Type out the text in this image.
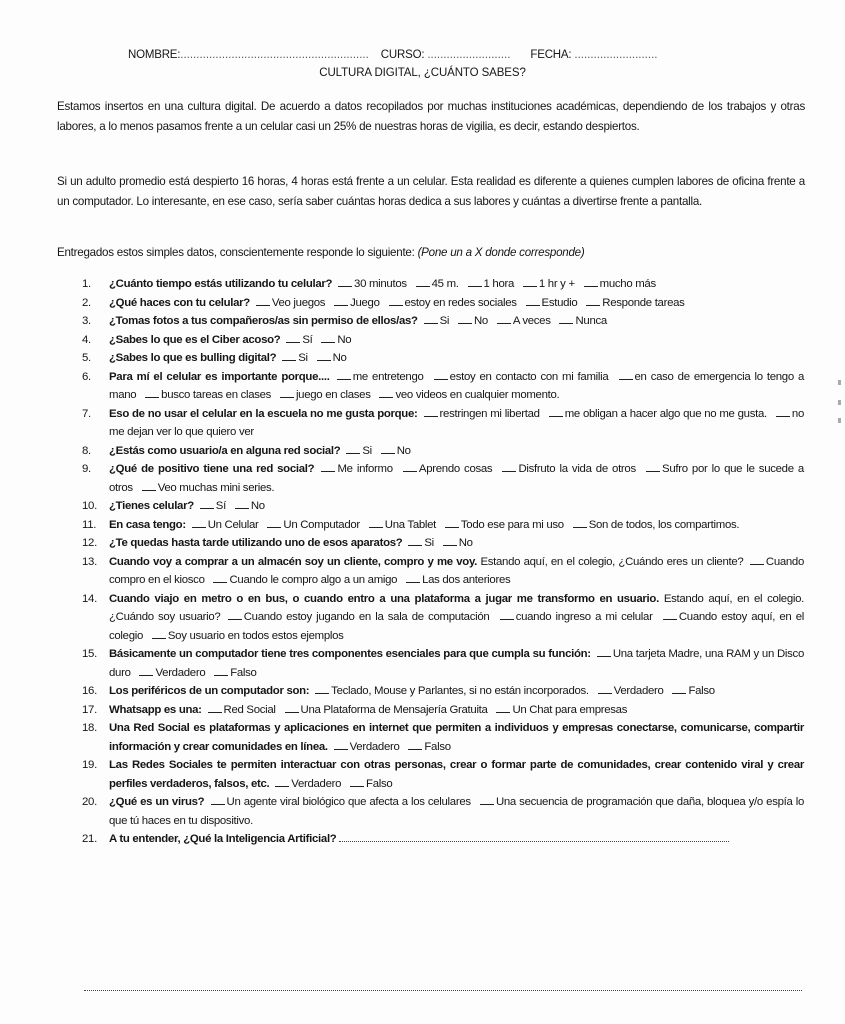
NOMBRE:........................................................... CURSO: .......................... FECHA: ..........................
CULTURA DIGITAL, ¿CUÁNTO SABES?

Estamos insertos en una cultura digital. De acuerdo a datos recopilados por muchas instituciones académicas, dependiendo de los trabajos y otras labores, a lo menos pasamos frente a un celular casi un 25% de nuestras horas de vigilia, es decir, estando despiertos.

Si un adulto promedio está despierto 16 horas, 4 horas está frente a un celular. Esta realidad es diferente a quienes cumplen labores de oficina frente a un computador. Lo interesante, en ese caso, sería saber cuántas horas dedica a sus labores y cuántas a divertirse frente a pantalla.

Entregados estos simples datos, conscientemente responde lo siguiente: (Pone un a X donde corresponde)

1. ¿Cuánto tiempo estás utilizando tu celular? 30 minutos 45 m. 1 hora 1 hr y + mucho más
2. ¿Qué haces con tu celular? Veo juegos Juego estoy en redes sociales Estudio Responde tareas
3. ¿Tomas fotos a tus compañeros/as sin permiso de ellos/as? Si No A veces Nunca
4. ¿Sabes lo que es el Ciber acoso? Sí No
5. ¿Sabes lo que es bulling digital? Si No
6. Para mí el celular es importante porque.... me entretengo estoy en contacto con mi familia en caso de emergencia lo tengo a mano busco tareas en clases juego en clases veo videos en cualquier momento.
7. Eso de no usar el celular en la escuela no me gusta porque: restringen mi libertad me obligan a hacer algo que no me gusta. no me dejan ver lo que quiero ver
8. ¿Estás como usuario/a en alguna red social? Si No
9. ¿Qué de positivo tiene una red social? Me informo Aprendo cosas Disfruto la vida de otros Sufro por lo que le sucede a otros Veo muchas mini series.
10. ¿Tienes celular? Sí No
11. En casa tengo: Un Celular Un Computador Una Tablet Todo ese para mi uso Son de todos, los compartimos.
12. ¿Te quedas hasta tarde utilizando uno de esos aparatos? Si No
13. Cuando voy a comprar a un almacén soy un cliente, compro y me voy. Estando aquí, en el colegio, ¿Cuándo eres un cliente? Cuando compro en el kiosco Cuando le compro algo a un amigo Las dos anteriores
14. Cuando viajo en metro o en bus, o cuando entro a una plataforma a jugar me transformo en usuario. Estando aquí, en el colegio. ¿Cuándo soy usuario? Cuando estoy jugando en la sala de computación cuando ingreso a mi celular Cuando estoy aquí, en el colegio Soy usuario en todos estos ejemplos
15. Básicamente un computador tiene tres componentes esenciales para que cumpla su función: Una tarjeta Madre, una RAM y un Disco duro Verdadero Falso
16. Los periféricos de un computador son: Teclado, Mouse y Parlantes, si no están incorporados. Verdadero Falso
17. Whatsapp es una: Red Social Una Plataforma de Mensajería Gratuita Un Chat para empresas
18. Una Red Social es plataformas y aplicaciones en internet que permiten a individuos y empresas conectarse, comunicarse, compartir información y crear comunidades en línea. Verdadero Falso
19. Las Redes Sociales te permiten interactuar con otras personas, crear o formar parte de comunidades, crear contenido viral y crear perfiles verdaderos, falsos, etc. Verdadero Falso
20. ¿Qué es un virus? Un agente viral biológico que afecta a los celulares Una secuencia de programación que daña, bloquea y/o espía lo que tú haces en tu dispositivo.
21. A tu entender, ¿Qué la Inteligencia Artificial?
